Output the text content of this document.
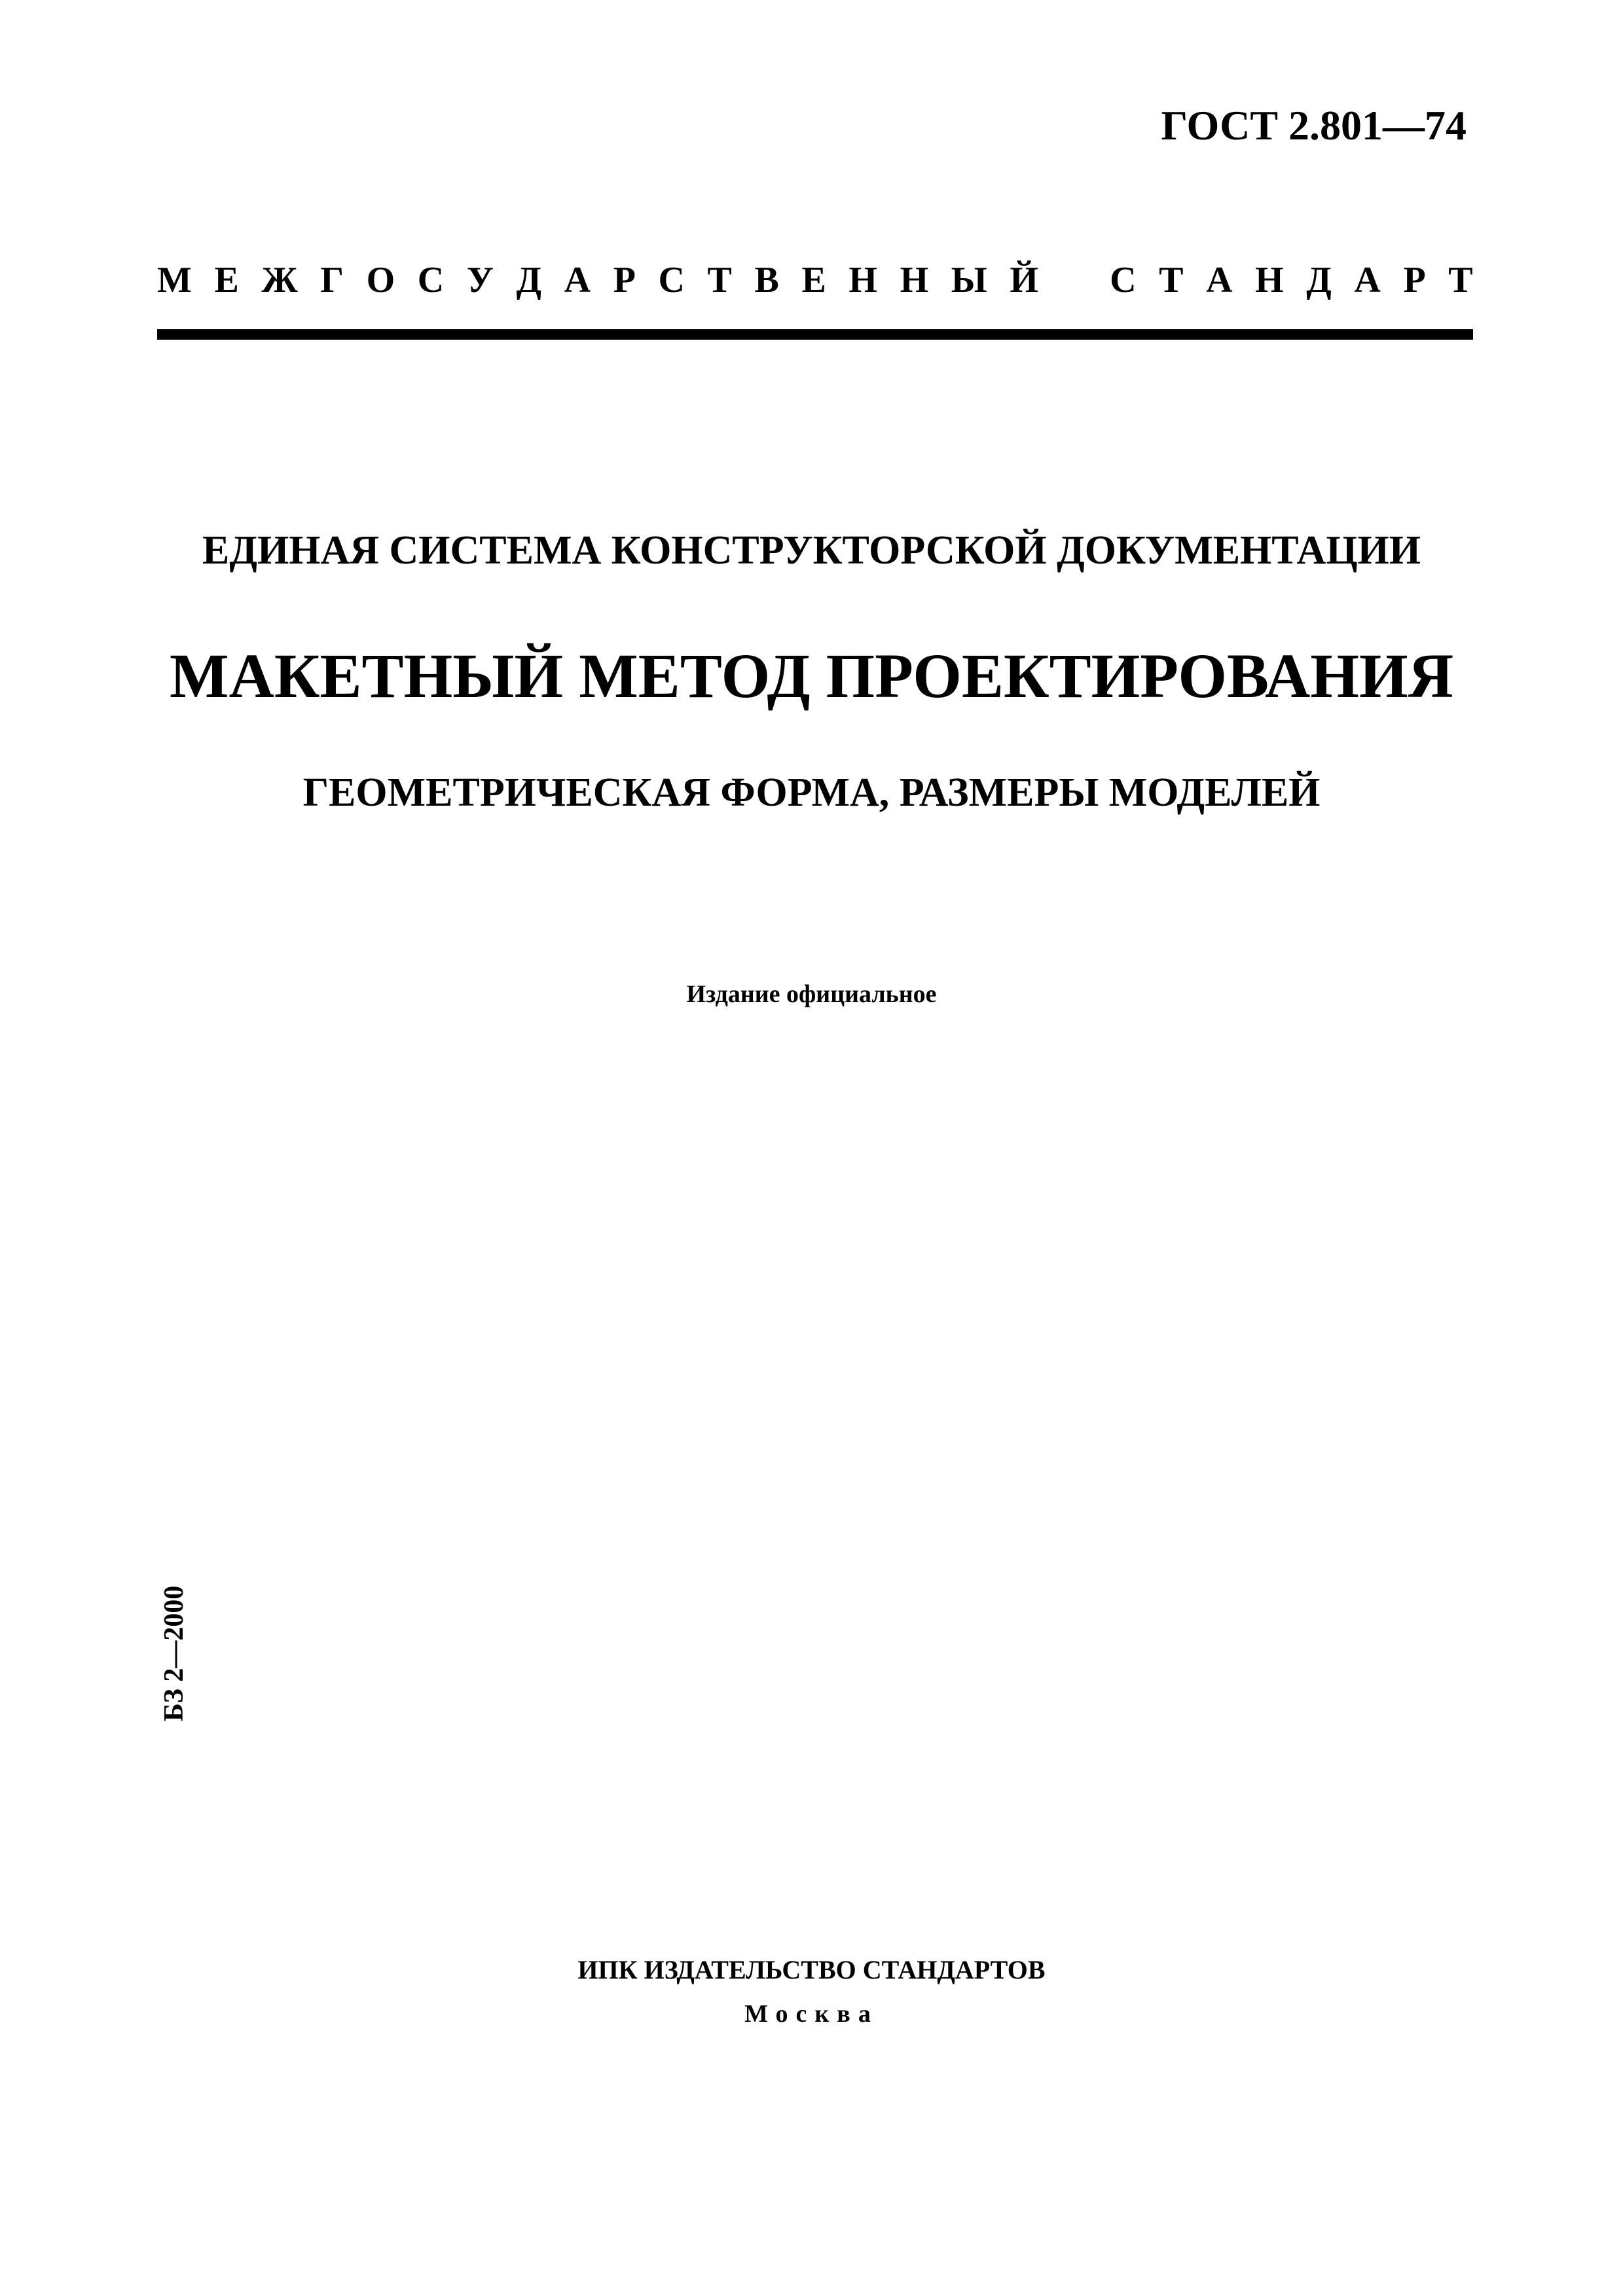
ГОСТ 2.801—74
М Е Ж Г О С У Д А Р С Т В Е Н Н Ы Й С Т А Н Д А Р Т
ЕДИНАЯ СИСТЕМА КОНСТРУКТОРСКОЙ ДОКУМЕНТАЦИИ
МАКЕТНЫЙ МЕТОД ПРОЕКТИРОВАНИЯ
ГЕОМЕТРИЧЕСКАЯ ФОРМА, РАЗМЕРЫ МОДЕЛЕЙ
Издание официальное
БЗ 2—2000
ИПК ИЗДАТЕЛЬСТВО СТАНДАРТОВ
Москва
